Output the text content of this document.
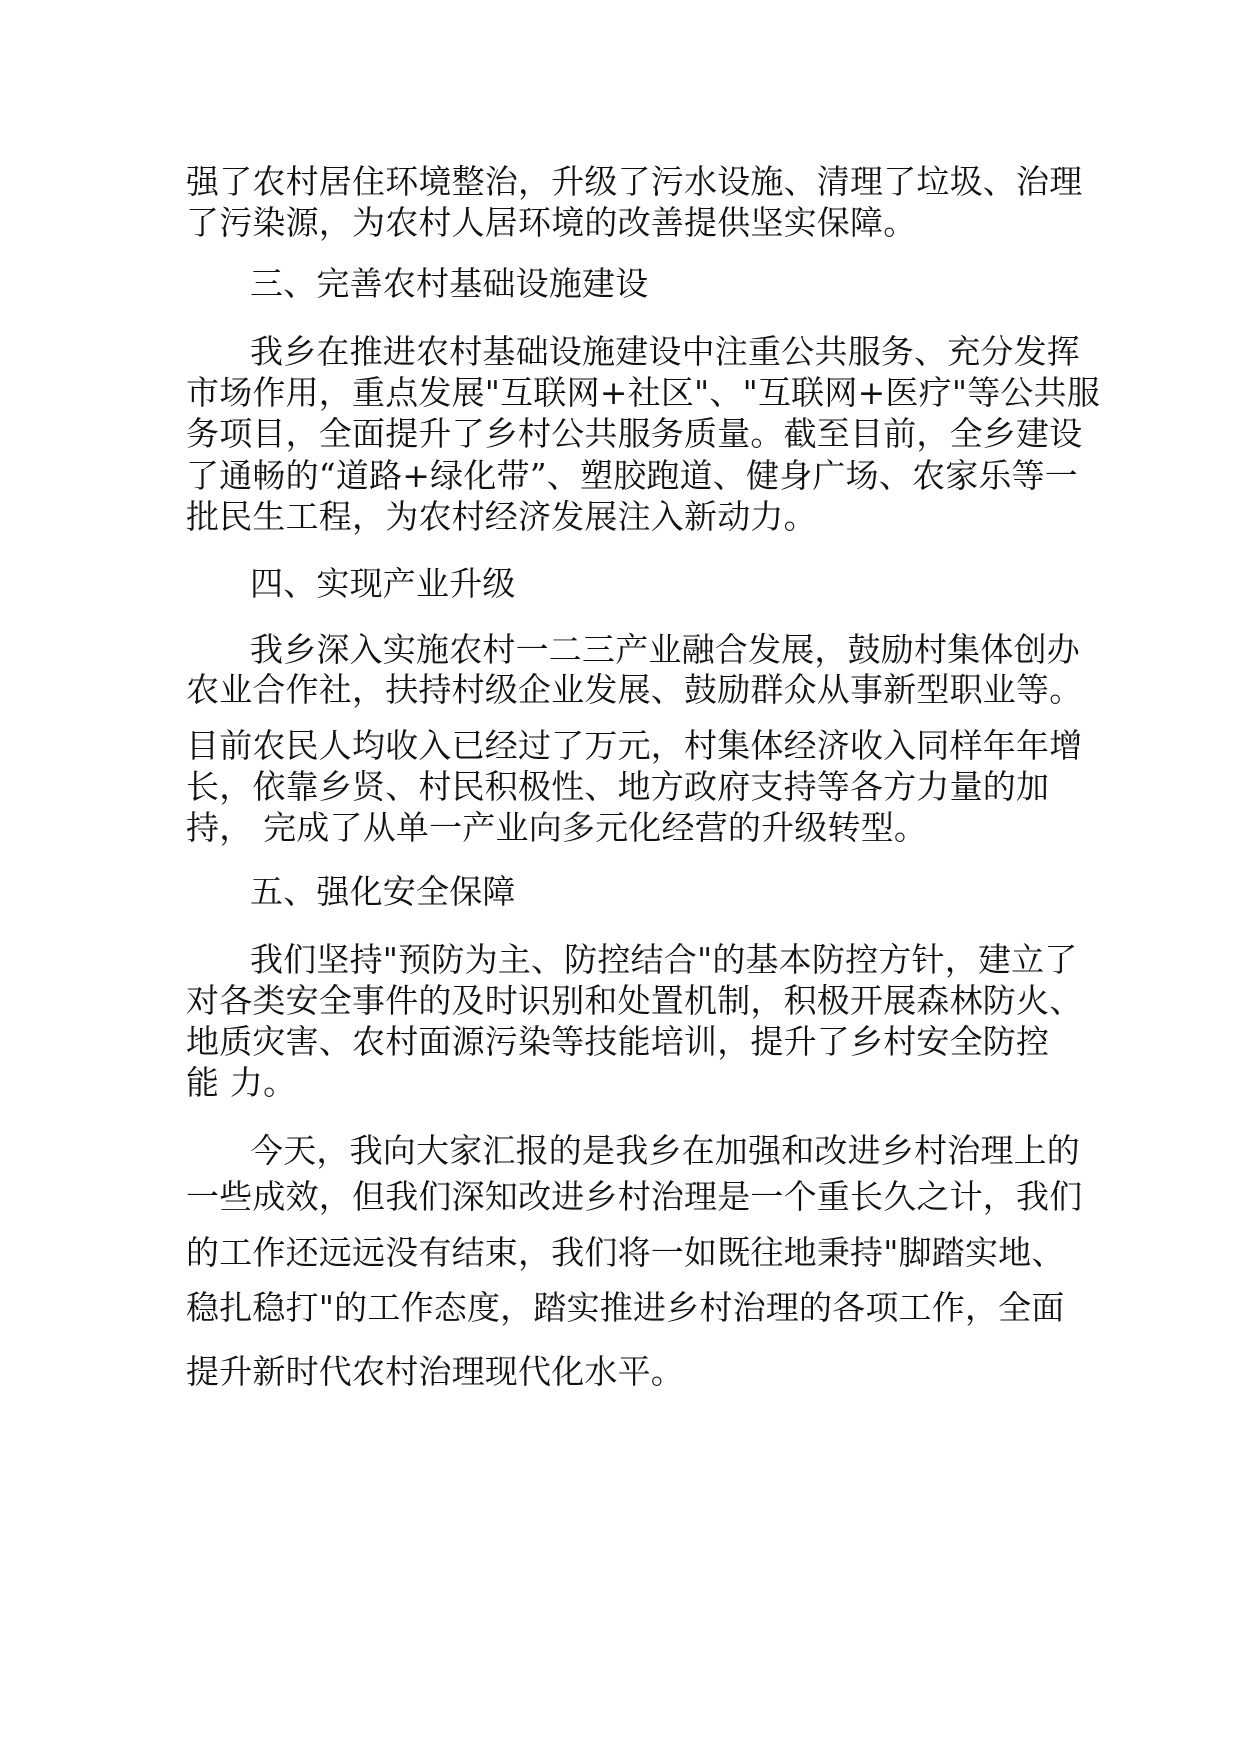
强了农村居住环境整治，升级了污水设施、清理了垃圾、治理
了污染源，为农村人居环境的改善提供坚实保障。
三、完善农村基础设施建设
我乡在推进农村基础设施建设中注重公共服务、充分发挥
市场作用，重点发展"互联网+社区"、"互联网+医疗"等公共服
务项目，全面提升了乡村公共服务质量。截至目前，全乡建设
了通畅的“道路+绿化带”、塑胶跑道、健身广场、农家乐等一
批民生工程，为农村经济发展注入新动力。
四、实现产业升级
我乡深入实施农村一二三产业融合发展，鼓励村集体创办
农业合作社，扶持村级企业发展、鼓励群众从事新型职业等。
目前农民人均收入已经过了万元，村集体经济收入同样年年增
长，依靠乡贤、村民积极性、地方政府支持等各方力量的加
持， 完成了从单一产业向多元化经营的升级转型。
五、强化安全保障
我们坚持"预防为主、防控结合"的基本防控方针，建立了
对各类安全事件的及时识别和处置机制，积极开展森林防火、
地质灾害、农村面源污染等技能培训，提升了乡村安全防控
能 力。
今天，我向大家汇报的是我乡在加强和改进乡村治理上的
一些成效，但我们深知改进乡村治理是一个重长久之计，我们
的工作还远远没有结束，我们将一如既往地秉持"脚踏实地、
稳扎稳打"的工作态度，踏实推进乡村治理的各项工作，全面
提升新时代农村治理现代化水平。
